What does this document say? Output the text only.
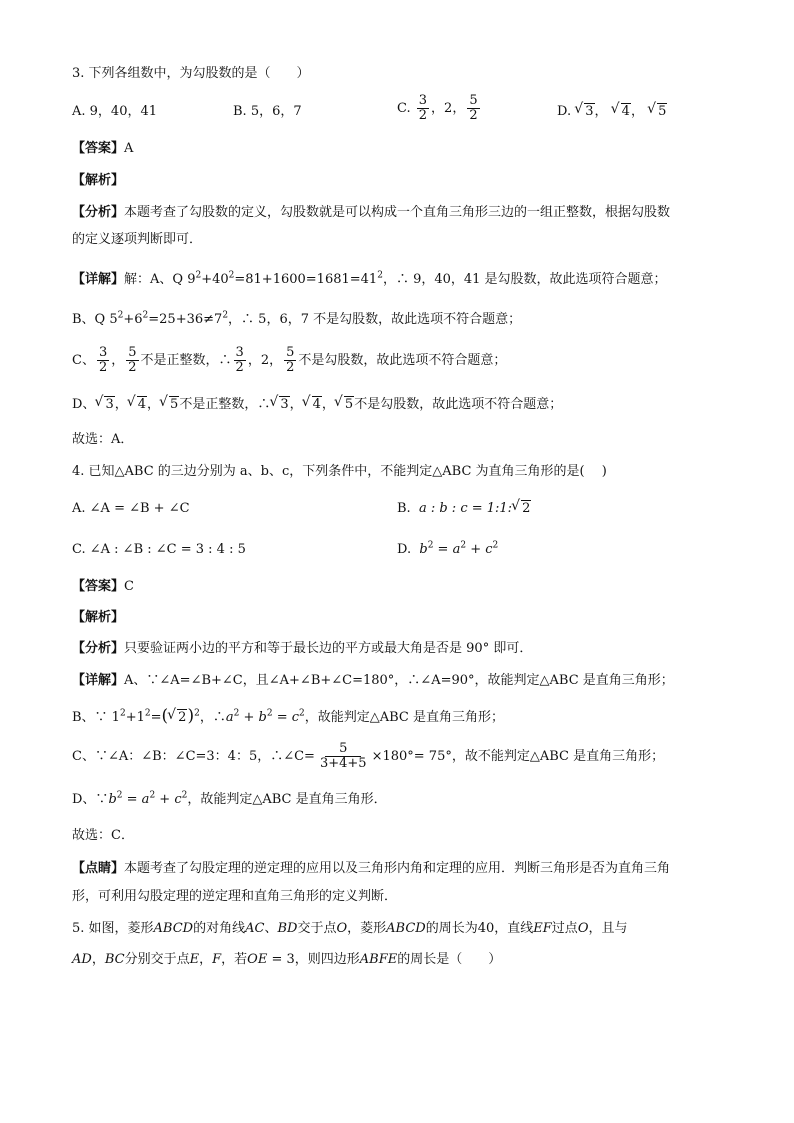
3. 下列各组数中，为勾股数的是（　　）
A. 9，40，41	B. 5，6，7	C. $\frac{3}{2}$ ，2， $\frac{5}{2}$	D. √ 3， √ 4， √ 5
【答案】A
【解析】
【分析】本题考查了勾股数的定义，勾股数就是可以构成一个直角三角形三边的一组正整数，根据勾股数
的定义逐项判断即可．
【详解】解：A、Q $9^2+40^2=81+1600=1681=41^2$，∴ 9，40，41 是勾股数，故此选项符合题意；
B、Q $5^2+6^2=25+36\ne 7^2$，∴ 5，6，7 不是勾股数，故此选项不符合题意；
C、 $\frac{3}{2}$ ， $\frac{5}{2}$ 不是正整数，∴ $\frac{3}{2}$ ，2， $\frac{5}{2}$ 不是勾股数，故此选项不符合题意；
D、√ 3，√ 4，√ 5不是正整数，∴√ 3，√ 4，√ 5不是勾股数，故此选项不符合题意；
故选：A．
4. 已知△ABC 的三边分别为 a、b、c，下列条件中，不能判定△ABC 为直角三角形的是(　 )
A. ∠A = ∠B + ∠C	B. a : b : c = 1:1:√ 2
C. ∠A : ∠B : ∠C = 3 : 4 : 5	D. $b^2 = a^2 + c^2$
【答案】C
【解析】
【分析】只要验证两小边的平方和等于最长边的平方或最大角是否是 90° 即可．
【详解】A、∵∠A=∠B+∠C，且∠A+∠B+∠C=180°，∴∠A=90°，故能判定△ABC 是直角三角形；
B、∵ $1^2+1^2=(√$ 2)$^2$，$\therefore a^2 + b^2 = c^2$，故能判定△ABC 是直角三角形；
C、∵∠A：∠B：∠C=3：4：5，∴∠C= $\frac{5}{3+4+5} \times 180^\circ= 75^\circ$，故不能判定△ABC 是直角三角形；
D、$\because b^2 = a^2 + c^2$，故能判定△ABC 是直角三角形．
故选：C．
【点睛】本题考查了勾股定理的逆定理的应用以及三角形内角和定理的应用．判断三角形是否为直角三角
形，可利用勾股定理的逆定理和直角三角形的定义判断．
5. 如图，菱形ABCD的对角线AC、BD交于点O，菱形ABCD的周长为40，直线EF过点O，且与
AD，BC分别交于点E，F，若OE = 3，则四边形ABFE的周长是（　　）
